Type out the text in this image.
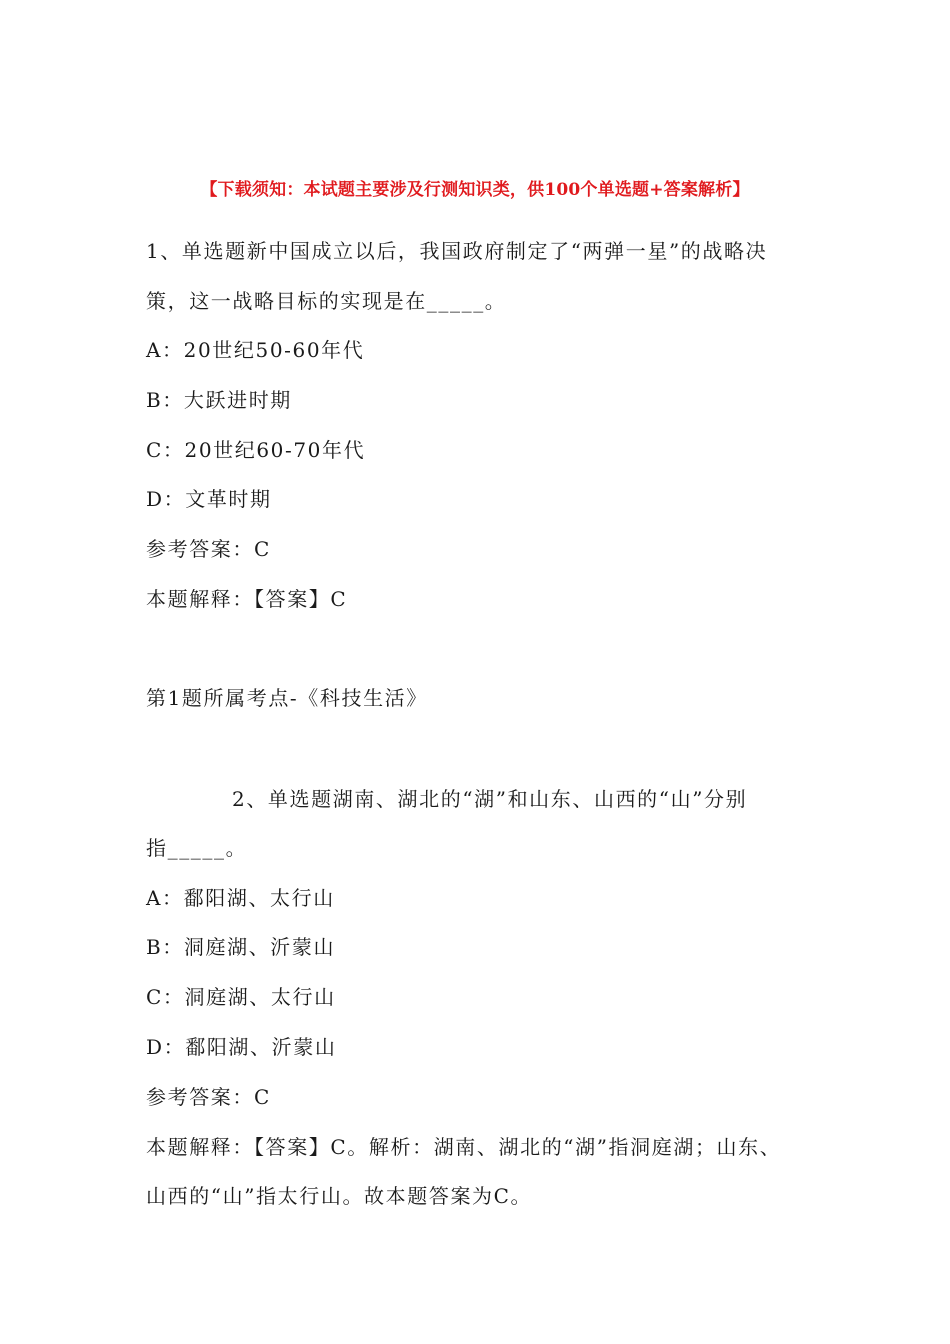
【下载须知：本试题主要涉及行测知识类，供100个单选题+答案解析】
1、单选题新中国成立以后，我国政府制定了“两弹一星”的战略决
策，这一战略目标的实现是在_____。
A：20世纪50-60年代
B：大跃进时期
C：20世纪60-70年代
D：文革时期
参考答案：C
本题解释：【答案】C
第1题所属考点-《科技生活》
2、单选题湖南、湖北的“湖”和山东、山西的“山”分别
指_____。
A：鄱阳湖、太行山
B：洞庭湖、沂蒙山
C：洞庭湖、太行山
D：鄱阳湖、沂蒙山
参考答案：C
本题解释：【答案】C。解析：湖南、湖北的“湖”指洞庭湖；山东、
山西的“山”指太行山。故本题答案为C。
